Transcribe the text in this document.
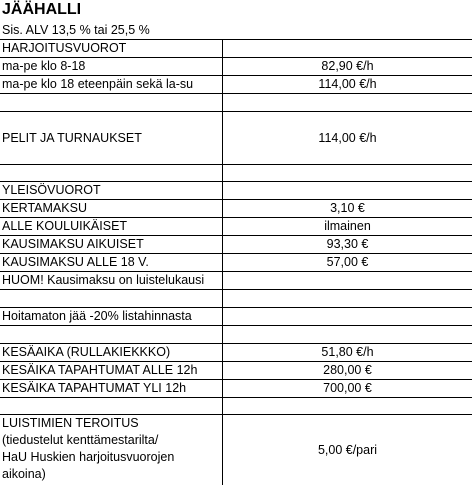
JÄÄHALLI
Sis. ALV 13,5 % tai 25,5 %
HARJOITUSVUOROT
ma-pe klo 8-18	82,90 €/h
ma-pe klo 18 eteenpäin sekä la-su	114,00 €/h
PELIT JA TURNAUKSET	114,00 €/h
YLEISÖVUOROT
KERTAMAKSU	3,10 €
ALLE KOULUIKÄISET	ilmainen
KAUSIMAKSU AIKUISET	93,30 €
KAUSIMAKSU ALLE 18 V.	57,00 €
HUOM! Kausimaksu on luistelukausi
Hoitamaton jää -20% listahinnasta
KESÄAIKA (RULLAKIEKKKO)	51,80 €/h
KESÄIKA TAPAHTUMAT ALLE 12h	280,00 €
KESÄIKA TAPAHTUMAT YLI 12h	700,00 €
LUISTIMIEN TEROITUS
(tiedustelut kenttämestarilta/
HaU Huskien harjoitusvuorojen
aikoina)
5,00 €/pari
